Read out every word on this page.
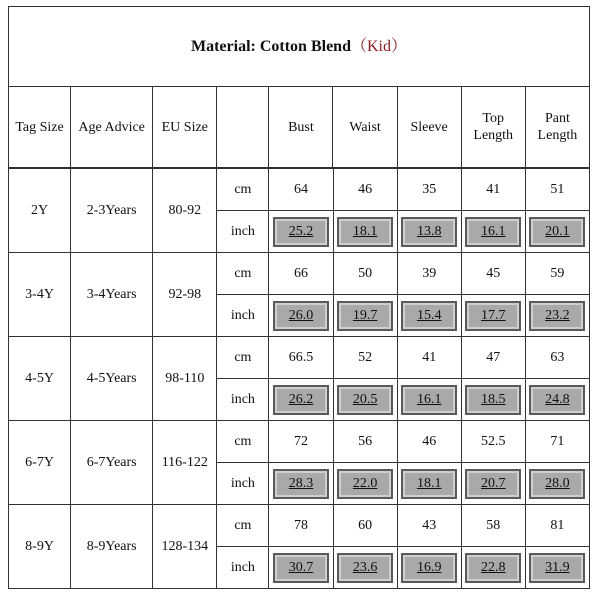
Material: Cotton Blend（Kid）
Tag Size	Age Advice	EU Size		Bust	Waist	Sleeve	Top Length	Pant Length
2Y	2-3Years	80-92	cm	64	46	35	41	51
			inch	25.2	18.1	13.8	16.1	20.1

3-4Y	3-4Years	92-98	cm	66	50	39	45	59
			inch	26.0	19.7	15.4	17.7	23.2

4-5Y	4-5Years	98-110	cm	66.5	52	41	47	63
			inch	26.2	20.5	16.1	18.5	24.8

6-7Y	6-7Years	116-122	cm	72	56	46	52.5	71
			inch	28.3	22.0	18.1	20.7	28.0

8-9Y	8-9Years	128-134	cm	78	60	43	58	81
			inch	30.7	23.6	16.9	22.8	31.9
